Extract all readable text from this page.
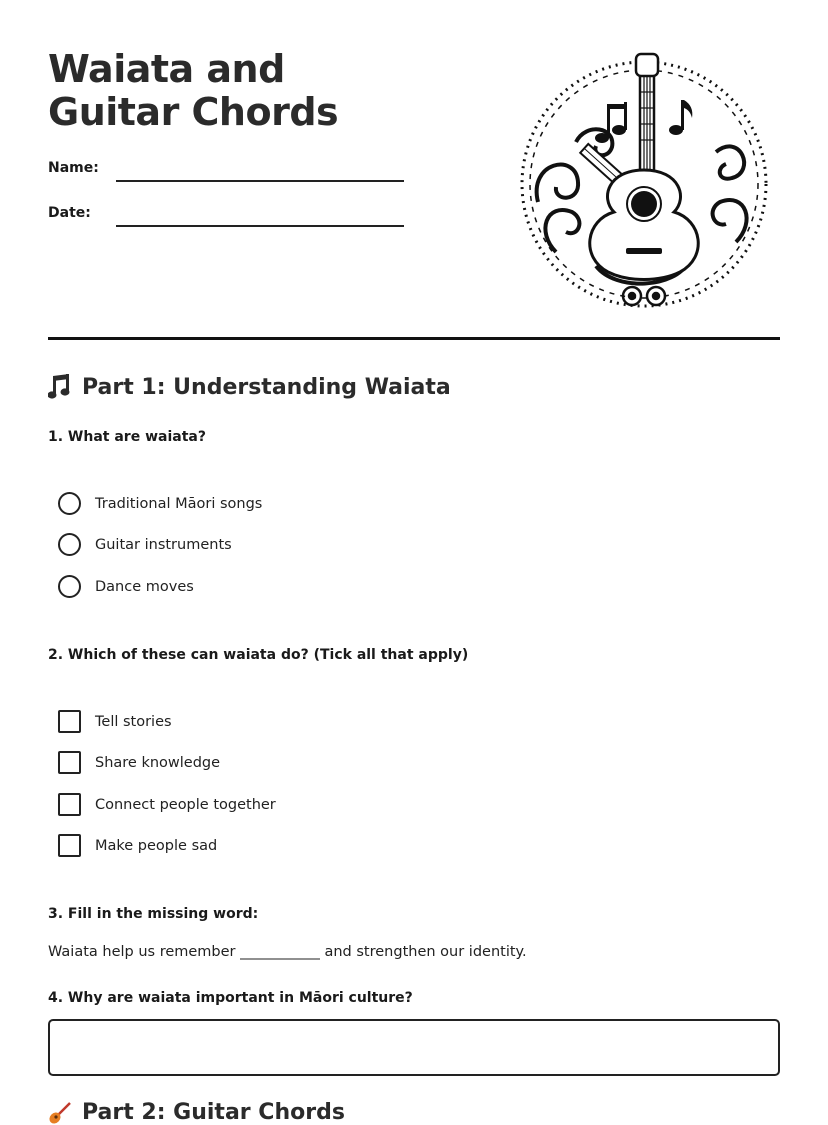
Waiata and Guitar Chords
Name:
Date:
Part 1: Understanding Waiata

1. What are waiata?

Traditional Māori songs
Guitar instruments
Dance moves

2. Which of these can waiata do? (Tick all that apply)

Tell stories
Share knowledge
Connect people together
Make people sad

3. Fill in the missing word:

Waiata help us remember ___________ and strengthen our identity.

4. Why are waiata important in Māori culture?

Part 2: Guitar Chords
